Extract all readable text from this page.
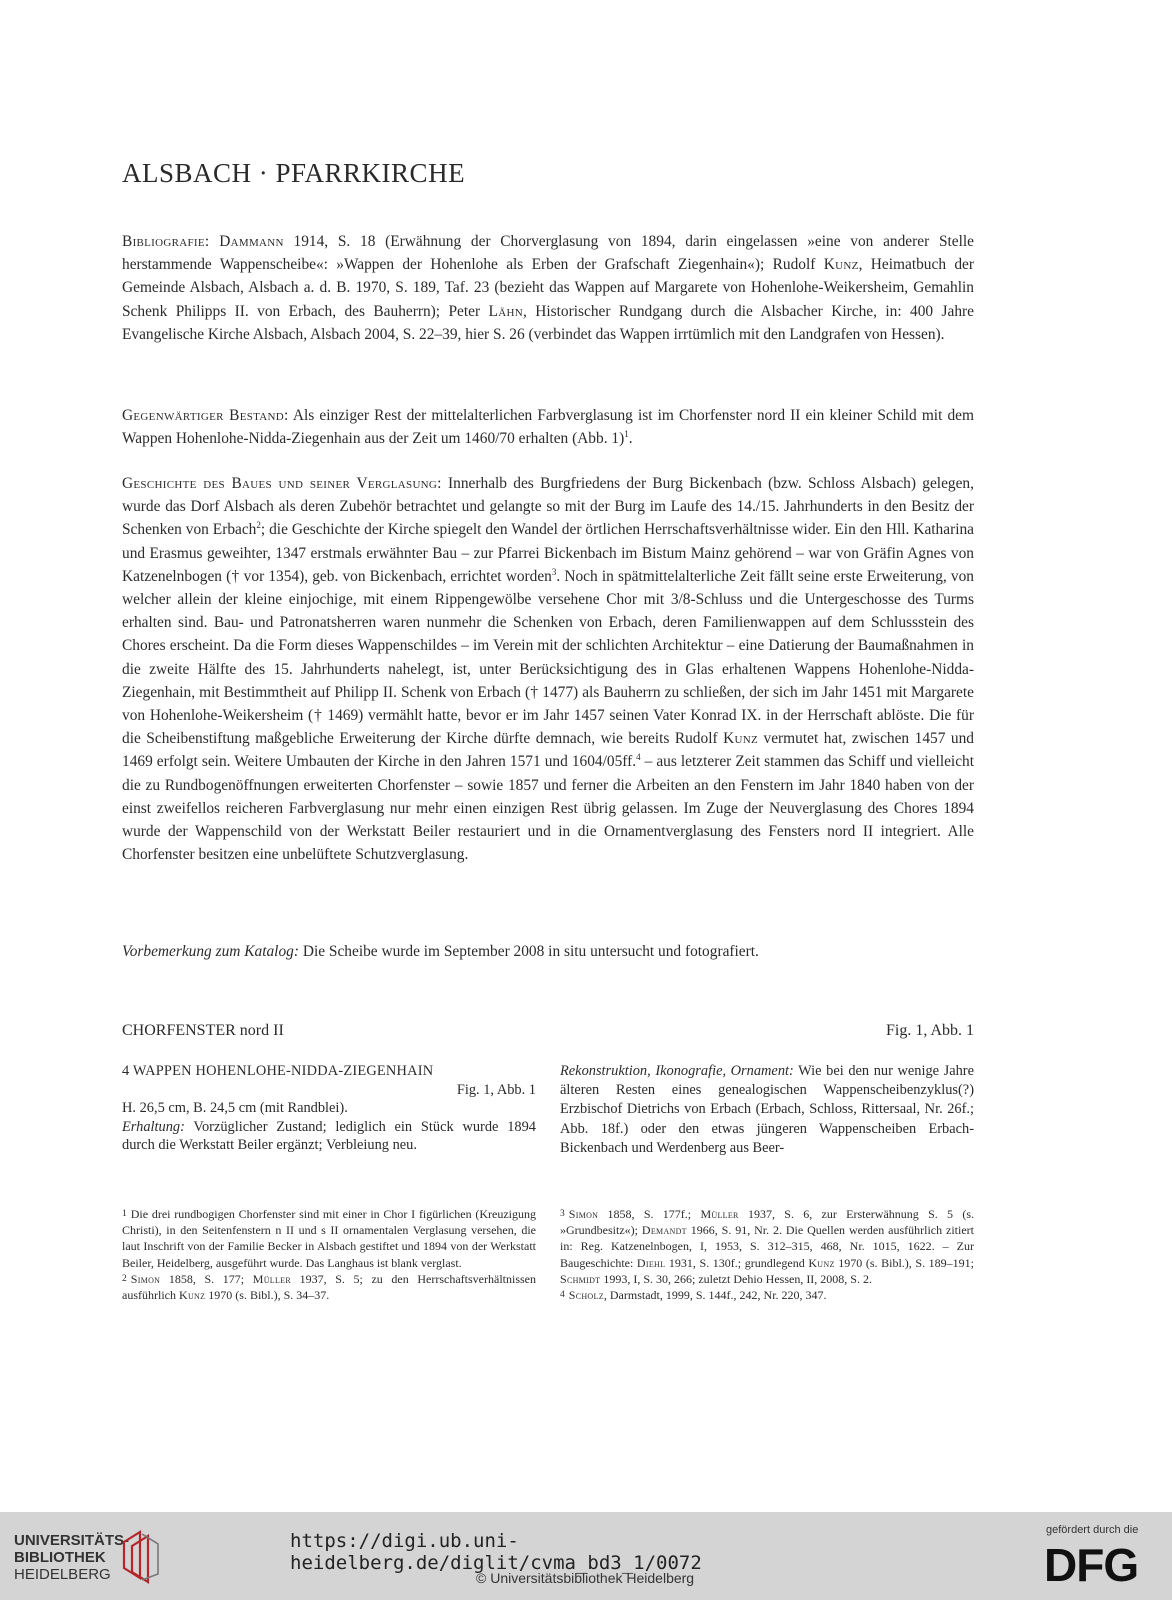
ALSBACH · PFARRKIRCHE

Bibliografie: Dammann 1914, S. 18 (Erwähnung der Chorverglasung von 1894, darin eingelassen »eine von anderer Stelle herstammende Wappenscheibe«: »Wappen der Hohenlohe als Erben der Grafschaft Ziegenhain«); Rudolf Kunz, Heimatbuch der Gemeinde Alsbach, Alsbach a. d. B. 1970, S. 189, Taf. 23 (bezieht das Wappen auf Margarete von Hohenlohe-Weikersheim, Gemahlin Schenk Philipps II. von Erbach, des Bauherrn); Peter Lähn, Historischer Rundgang durch die Alsbacher Kirche, in: 400 Jahre Evangelische Kirche Alsbach, Alsbach 2004, S. 22–39, hier S. 26 (verbindet das Wappen irrtümlich mit den Landgrafen von Hessen).

Gegenwärtiger Bestand: Als einziger Rest der mittelalterlichen Farbverglasung ist im Chorfenster nord II ein kleiner Schild mit dem Wappen Hohenlohe-Nidda-Ziegenhain aus der Zeit um 1460/70 erhalten (Abb. 1)$^1$.

Geschichte des Baues und seiner Verglasung: Innerhalb des Burgfriedens der Burg Bickenbach (bzw. Schloss Alsbach) gelegen, wurde das Dorf Alsbach als deren Zubehör betrachtet und gelangte so mit der Burg im Laufe des 14./15. Jahrhunderts in den Besitz der Schenken von Erbach$^2$; die Geschichte der Kirche spiegelt den Wandel der örtlichen Herrschaftsverhältnisse wider. Ein den Hll. Katharina und Erasmus geweihter, 1347 erstmals erwähnter Bau – zur Pfarrei Bickenbach im Bistum Mainz gehörend – war von Gräfin Agnes von Katzenelnbogen († vor 1354), geb. von Bickenbach, errichtet worden$^3$. Noch in spätmittelalterliche Zeit fällt seine erste Erweiterung, von welcher allein der kleine einjochige, mit einem Rippengewölbe versehene Chor mit 3/8-Schluss und die Untergeschosse des Turms erhalten sind. Bau- und Patronatsherren waren nunmehr die Schenken von Erbach, deren Familienwappen auf dem Schlussstein des Chores erscheint. Da die Form dieses Wappenschildes – im Verein mit der schlichten Architektur – eine Datierung der Baumaßnahmen in die zweite Hälfte des 15. Jahrhunderts nahelegt, ist, unter Berücksichtigung des in Glas erhaltenen Wappens Hohenlohe-Nidda-Ziegenhain, mit Bestimmtheit auf Philipp II. Schenk von Erbach († 1477) als Bauherrn zu schließen, der sich im Jahr 1451 mit Margarete von Hohenlohe-Weikersheim († 1469) vermählt hatte, bevor er im Jahr 1457 seinen Vater Konrad IX. in der Herrschaft ablöste. Die für die Scheibenstiftung maßgebliche Erweiterung der Kirche dürfte demnach, wie bereits Rudolf Kunz vermutet hat, zwischen 1457 und 1469 erfolgt sein. Weitere Umbauten der Kirche in den Jahren 1571 und 1604/05ff.$^4$ – aus letzterer Zeit stammen das Schiff und vielleicht die zu Rundbogenöffnungen erweiterten Chorfenster – sowie 1857 und ferner die Arbeiten an den Fenstern im Jahr 1840 haben von der einst zweifellos reicheren Farbverglasung nur mehr einen einzigen Rest übrig gelassen. Im Zuge der Neuverglasung des Chores 1894 wurde der Wappenschild von der Werkstatt Beiler restauriert und in die Ornamentverglasung des Fensters nord II integriert. Alle Chorfenster besitzen eine unbelüftete Schutzverglasung.

Vorbemerkung zum Katalog: Die Scheibe wurde im September 2008 in situ untersucht und fotografiert.

CHORFENSTER nord II	Fig. 1, Abb. 1
4 WAPPEN HOHENLOHE-NIDDA-ZIEGENHAIN
Fig. 1, Abb. 1
H. 26,5 cm, B. 24,5 cm (mit Randblei).
Erhaltung: Vorzüglicher Zustand; lediglich ein Stück wurde 1894 durch die Werkstatt Beiler ergänzt; Verbleiung neu.
Rekonstruktion, Ikonografie, Ornament: Wie bei den nur wenige Jahre älteren Resten eines genealogischen Wappenscheibenzyklus(?) Erzbischof Dietrichs von Erbach (Erbach, Schloss, Rittersaal, Nr. 26f.; Abb. 18f.) oder den etwas jüngeren Wappenscheiben Erbach-Bickenbach und Werdenberg aus Beer-
1 Die drei rundbogigen Chorfenster sind mit einer in Chor I figürlichen (Kreuzigung Christi), in den Seitenfenstern n II und s II ornamentalen Verglasung versehen, die laut Inschrift von der Familie Becker in Alsbach gestiftet und 1894 von der Werkstatt Beiler, Heidelberg, ausgeführt wurde. Das Langhaus ist blank verglast.
2 Simon 1858, S. 177; Müller 1937, S. 5; zu den Herrschaftsverhältnissen ausführlich Kunz 1970 (s. Bibl.), S. 34–37.
3 Simon 1858, S. 177f.; Müller 1937, S. 6, zur Ersterwähnung S. 5 (s. »Grundbesitz«); Demandt 1966, S. 91, Nr. 2. Die Quellen werden ausführlich zitiert in: Reg. Katzenelnbogen, I, 1953, S. 312–315, 468, Nr. 1015, 1622. – Zur Baugeschichte: Diehl 1931, S. 130f.; grundlegend Kunz 1970 (s. Bibl.), S. 189–191; Schmidt 1993, I, S. 30, 266; zuletzt Dehio Hessen, II, 2008, S. 2.
4 Scholz, Darmstadt, 1999, S. 144f., 242, Nr. 220, 347.
UNIVERSITÄTS-
BIBLIOTHEK
HEIDELBERG
https://digi.ub.uni-heidelberg.de/diglit/cvma_bd3_1/0072
© Universitätsbibliothek Heidelberg
gefördert durch die
DFG
